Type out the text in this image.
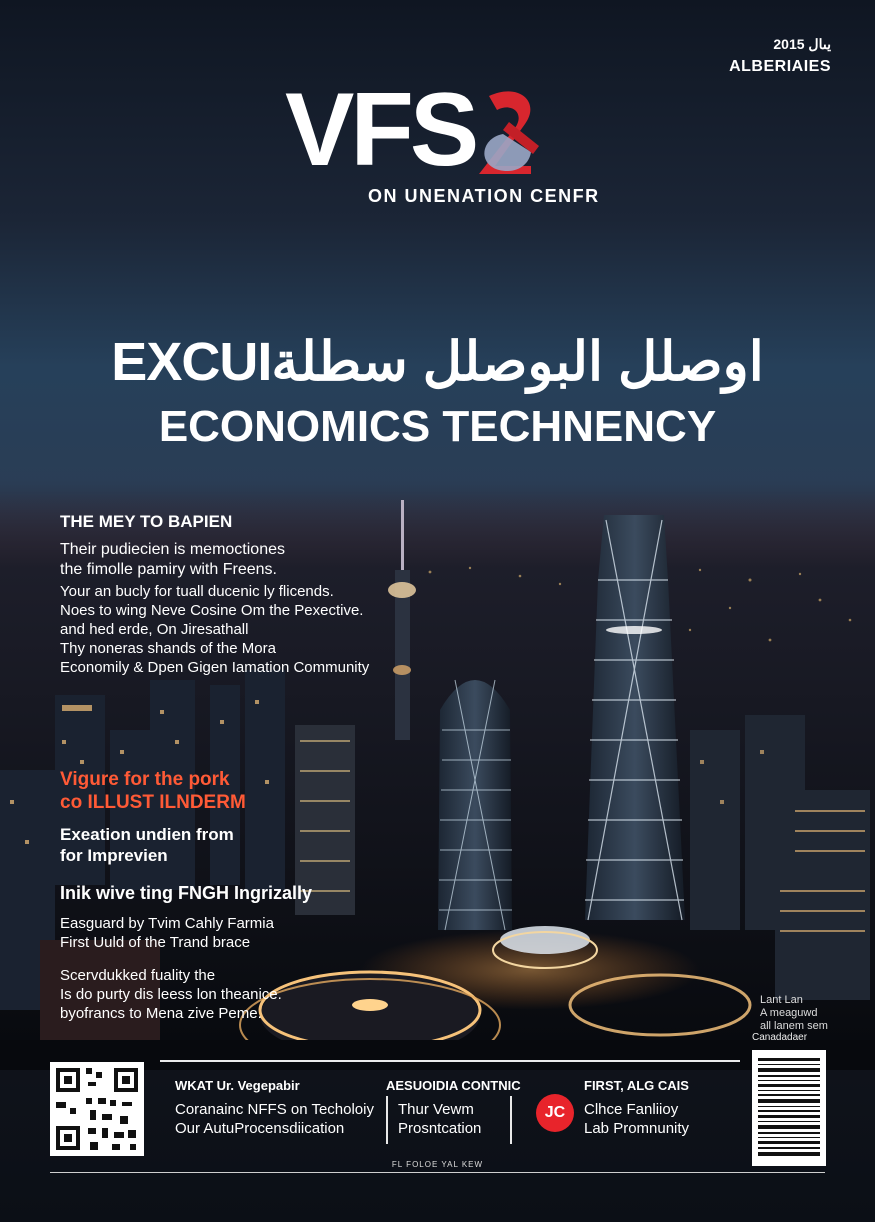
يىال 2015
ALBERIAIES
VFS
ON UNENATION CENFR
EXCUIاوصلل البوصلل سطلة
ECONOMICS TECHNENCY
THE MEY TO BAPIEN
Their pudiecien is memoctiones
the fimolle pamiry with Freens.
Your an bucly for tuall ducenic ly flicends.
Noes to wing Neve Cosine Om the Pexective.
and hed erde, On Jiresathall
Thy noneras shands of the Mora
Economily & Dpen Gigen Iamation Community
Vigure for the pork
co ILLUST ILNDERM
Exeation undien from
for Imprevien
Inik wive ting FNGH Ingrizally
Easguard by Tvim Cahly Farmia
First Uuld of the Trand brace
Scervdukked fuality the
Is do purty dis leess lon theanice.
byofrancs to Mena zive Peme.
Lant Lan
A meaguwd
all lanem sem
WKAT Ur. Vegepabir
Coranainc NFFS on Techoloiy
Our AutuProcensdiication
AESUOIDIA CONTNIC
Thur Vewm
Prosntcation
FIRST, ALG CAIS
JC	Clhce Fanliioy
Lab Promnunity
Canadadaer
FL FOLOE YAL KEW
